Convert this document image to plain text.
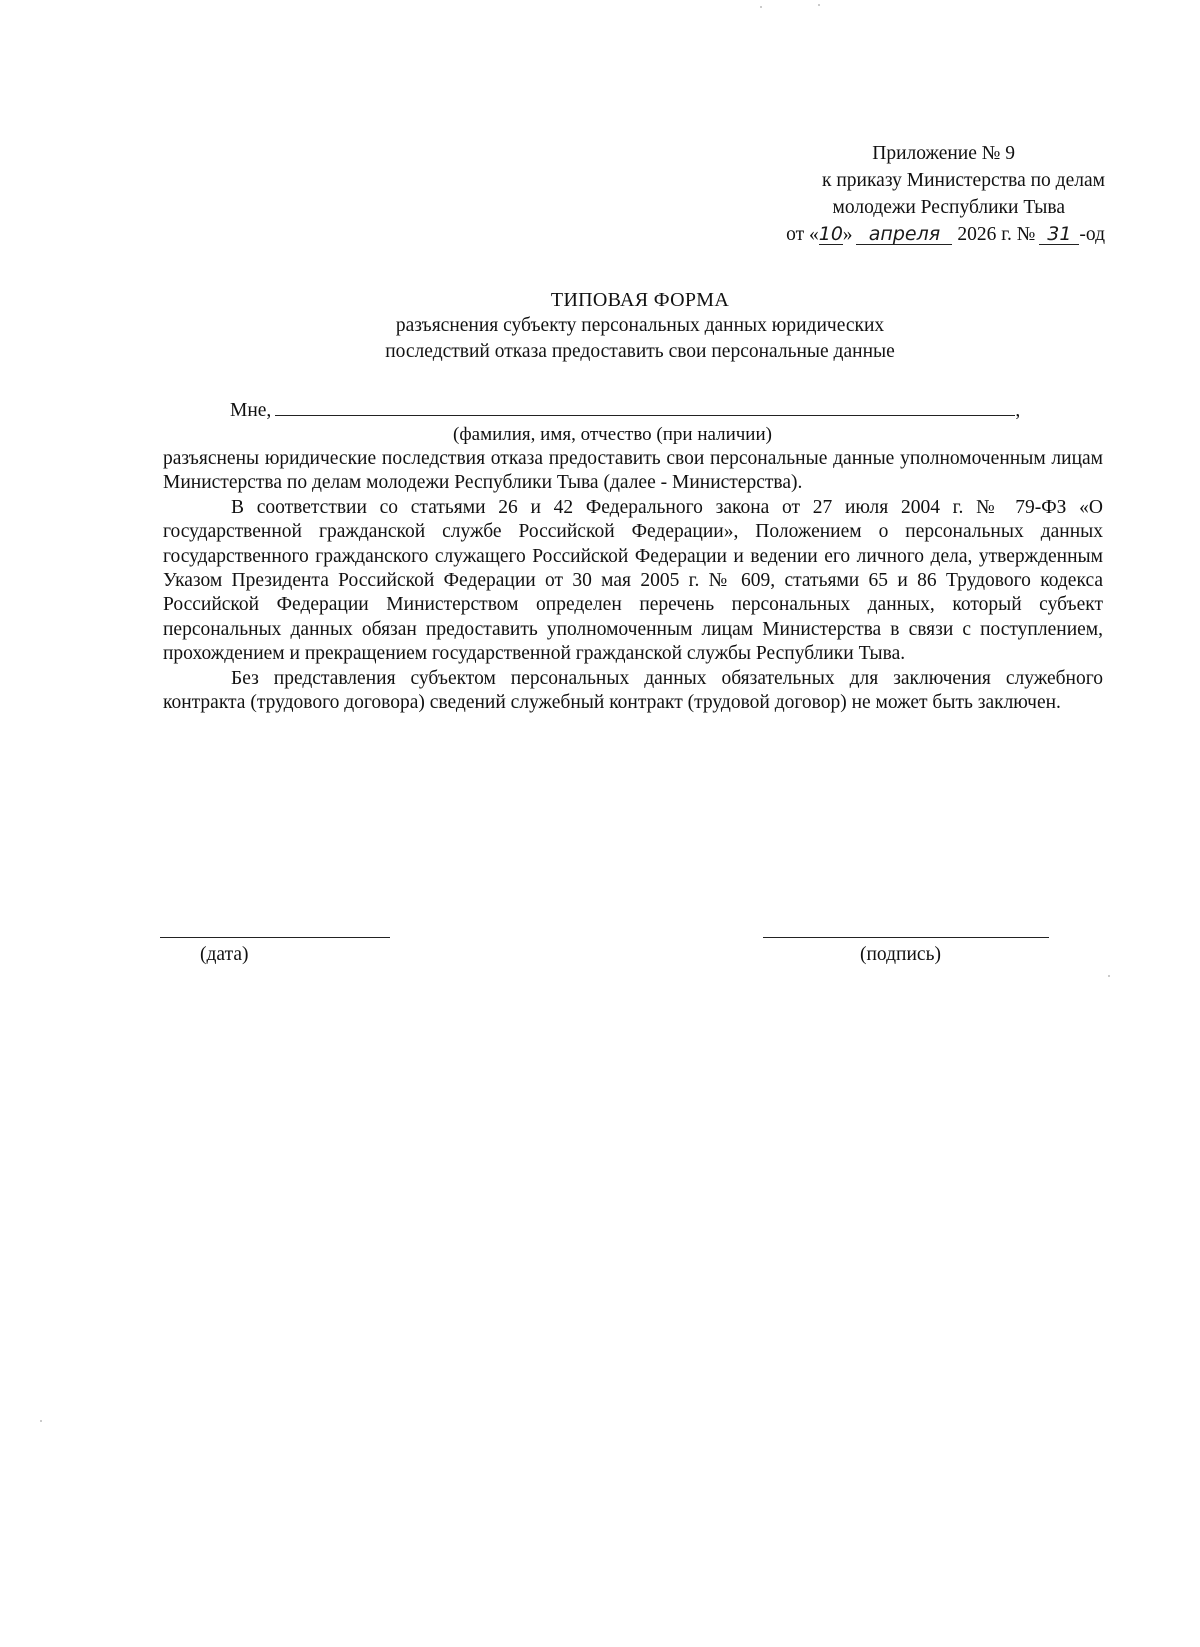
Приложение № 9
к приказу Министерства по делам
молодежи Республики Тыва
от «10» апреля 2026 г. № 31 -од
ТИПОВАЯ ФОРМА
разъяснения субъекту персональных данных юридических
последствий отказа предоставить свои персональные данные
Мне,	,
(фамилия, имя, отчество (при наличии)

разъяснены юридические последствия отказа предоставить свои персональные данные уполномоченным лицам Министерства по делам молодежи Республики Тыва (далее - Министерства).

В соответствии со статьями 26 и 42 Федерального закона от 27 июля 2004 г. № 79-ФЗ «О государственной гражданской службе Российской Федерации», Положением о персональных данных государственного гражданского служащего Российской Федерации и ведении его личного дела, утвержденным Указом Президента Российской Федерации от 30 мая 2005 г. № 609, статьями 65 и 86 Трудового кодекса Российской Федерации Министерством определен перечень персональных данных, который субъект персональных данных обязан предоставить уполномоченным лицам Министерства в связи с поступлением, прохождением и прекращением государственной гражданской службы Республики Тыва.

Без представления субъектом персональных данных обязательных для заключения служебного контракта (трудового договора) сведений служебный контракт (трудовой договор) не может быть заключен.

(дата)	(подпись)
